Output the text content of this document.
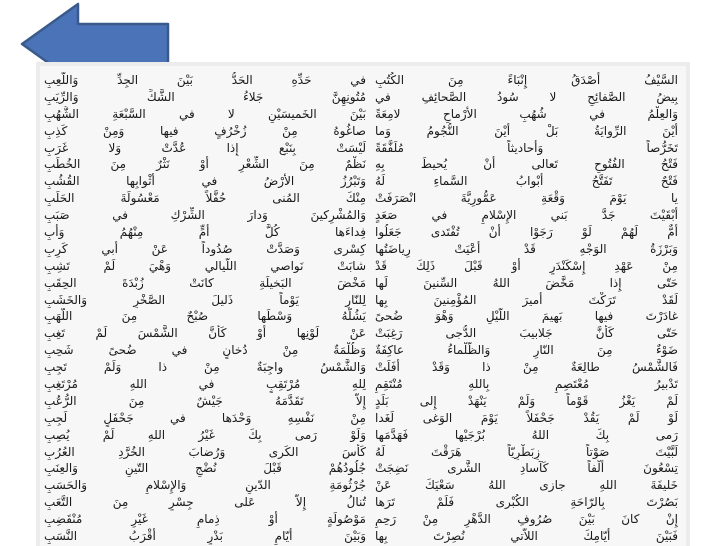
السَّيْفُ أَصْدَقُ إِنْبَاءً مِنَ الكُتُبِ
بِيضُ الصَّفائِحِ لا سُودُ الصَّحائِفِ في
وَالعِلْمُ في شُهُبِ الأَرْماحِ لامِعَةً
أَيْنَ الرِّوايَةُ بَلْ أَيْنَ النُّجُومُ وَما
تَخَرُّصاً وَأَحاديثاً مُلَفَّقَةً
فَتْحُ الفُتُوحِ تَعالى أَنْ يُحيطَ بِهِ
فَتْحٌ تَفَتَّحُ أَبْوابُ السَّماءِ لَهُ
يا يَوْمَ وَقْعَةِ عَمُّورِيَّةَ انْصَرَفَتْ
أَبْقَيْتَ جَدَّ بَني الإِسْلامِ في صَعَدٍ
أُمٌّ لَهُمْ لَوْ رَجَوْا أَنْ تُفْتَدى جَعَلُوا
وَبَرْزَةُ الوَجْهِ قَدْ أَعْيَتْ رِياضَتُها
مِنْ عَهْدِ إِسْكَنْدَرٍ أَوْ قَبْلَ ذَلِكَ قَدْ
حَتّى إِذا مَخَّضَ اللهُ السِّنينَ لَها
لَقَدْ تَرَكْتَ أَميرَ المُؤْمِنينَ بِها
غادَرْتَ فيها بَهيمَ اللَّيْلِ وَهْوَ ضُحىً
حَتّى كَأَنَّ جَلابيبَ الدُّجى رَغِبَتْ
ضَوْءٌ مِنَ النّارِ وَالظَّلْماءُ عاكِفَةٌ
فَالشَّمْسُ طالِعَةٌ مِنْ ذا وَقَدْ أَفَلَتْ
تَدْبيرُ مُعْتَصِمٍ بِاللهِ مُنْتَقِمٍ
لَمْ يَغْزُ قَوْماً وَلَمْ يَنْهَدْ إِلى بَلَدٍ
لَوْ لَمْ يَقُدْ جَحْفَلاً يَوْمَ الوَغى لَغَدا
رَمى بِكَ اللهُ بُرْجَيْها فَهَدَّمَها
لَبَّيْتَ صَوْتاً زِبَطْرِيّاً هَرَقْتَ لَهُ
تِسْعُونَ أَلْفاً كَآسادِ الشَّرى نَضِجَتْ
خَليفَةَ اللهِ جازى اللهُ سَعْيَكَ عَنْ
بَصُرْتَ بِالرّاحَةِ الكُبْرى فَلَمْ تَرَها
إِنْ كانَ بَيْنَ صُرُوفِ الدَّهْرِ مِنْ رَحِمٍ
فَبَيْنَ أَيّامِكَ اللاّتي نُصِرْتَ بِها
في حَدِّهِ الحَدُّ بَيْنَ الجِدِّ وَاللَّعِبِ
مُتُونِهِنَّ جَلاءُ الشَّكِّ وَالرِّيَبِ
بَيْنَ الخَميسَيْنِ لا في السَّبْعَةِ الشُّهُبِ
صاغُوهُ مِنْ زُخْرُفٍ فيها وَمِنْ كَذِبِ
لَيْسَتْ بِنَبْعٍ إِذا عُدَّتْ وَلا غَرَبِ
نَظْمٌ مِنَ الشِّعْرِ أَوْ نَثْرٌ مِنَ الخُطَبِ
وَتَبْرُزُ الأَرْضُ في أَثْوابِها القُشُبِ
مِنْكَ المُنى حُفَّلاً مَعْسُولَةَ الحَلَبِ
وَالمُشْرِكينَ وَدارَ الشِّرْكِ في صَبَبِ
فِداءَها كُلَّ أُمٍّ مِنْهُمُ وَأَبِ
كِسْرى وَصَدَّتْ صُدُوداً عَنْ أَبي كَرِبِ
شابَتْ نَواصي اللَّيالي وَهْيَ لَمْ تَشِبِ
مَخْضَ البَخيلَةِ كانَتْ زُبْدَةَ الحِقَبِ
لِلنّارِ يَوْماً ذَليلَ الصَّخْرِ وَالخَشَبِ
يَشُلُّهُ وَسْطَها صُبْحٌ مِنَ اللَّهَبِ
عَنْ لَوْنِها أَوْ كَأَنَّ الشَّمْسَ لَمْ تَغِبِ
وَظُلْمَةٌ مِنْ دُخانٍ في ضُحىً شَحِبِ
وَالشَّمْسُ واجِبَةٌ مِنْ ذا وَلَمْ تَجِبِ
لِلهِ مُرْتَقِبٍ في اللهِ مُرْتَغِبِ
إِلاّ تَقَدَّمَهُ جَيْشٌ مِنَ الرُّعُبِ
مِنْ نَفْسِهِ وَحْدَها في جَحْفَلٍ لَجِبِ
وَلَوْ رَمى بِكَ غَيْرُ اللهِ لَمْ يُصِبِ
كَأْسَ الكَرى وَرُضابَ الخُرَّدِ العُرُبِ
جُلُودُهُمْ قَبْلَ نُضْجِ التّينِ وَالعِنَبِ
جُرْثُومَةِ الدّينِ وَالإِسْلامِ وَالحَسَبِ
تُنالُ إِلاّ عَلى جِسْرٍ مِنَ التَّعَبِ
مَوْصُولَةٍ أَوْ ذِمامٍ غَيْرِ مُنْقَضِبِ
وَبَيْنَ أَيّامِ بَدْرٍ أَقْرَبُ النَّسَبِ
